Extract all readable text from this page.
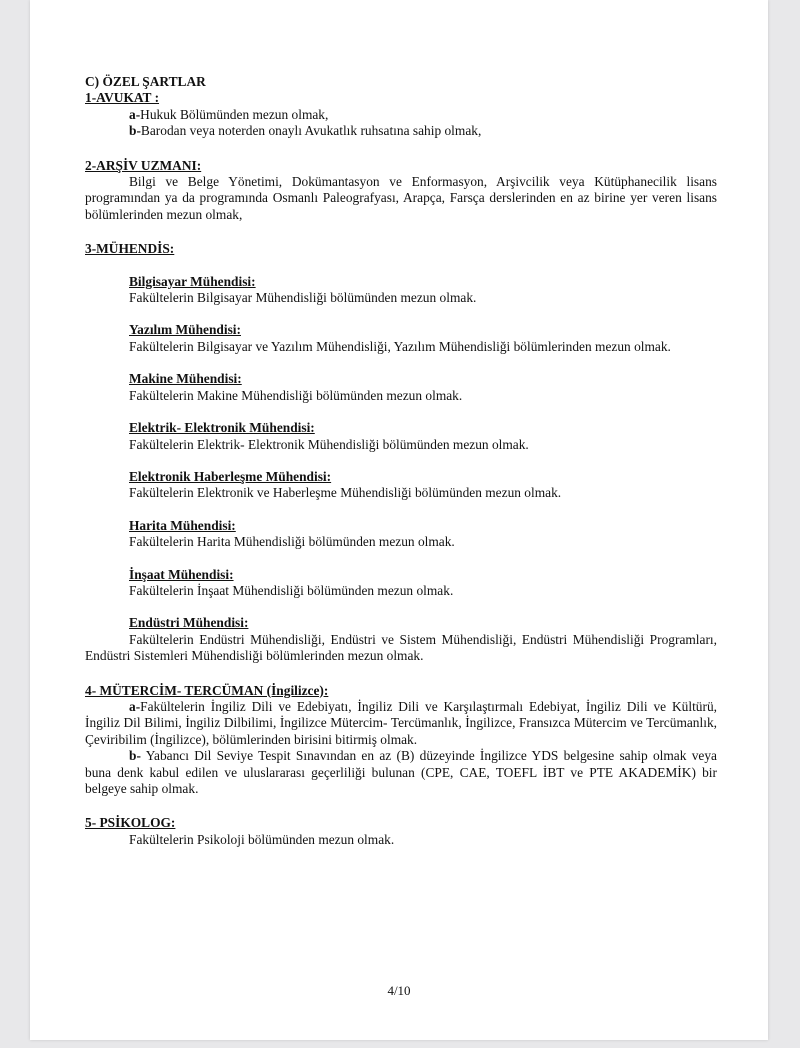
C) ÖZEL ŞARTLAR

1-AVUKAT :

a-Hukuk Bölümünden mezun olmak,

b-Barodan veya noterden onaylı Avukatlık ruhsatına sahip olmak,

2-ARŞİV UZMANI:

Bilgi ve Belge Yönetimi, Dokümantasyon ve Enformasyon, Arşivcilik veya Kütüphanecilik lisans programından ya da programında Osmanlı Paleografyası, Arapça, Farsça derslerinden en az birine yer veren lisans bölümlerinden mezun olmak,

3-MÜHENDİS:

Bilgisayar Mühendisi:

Fakültelerin Bilgisayar Mühendisliği bölümünden mezun olmak.

Yazılım Mühendisi:

Fakültelerin Bilgisayar ve Yazılım Mühendisliği, Yazılım Mühendisliği bölümlerinden mezun olmak.

Makine Mühendisi:

Fakültelerin Makine Mühendisliği bölümünden mezun olmak.

Elektrik- Elektronik Mühendisi:

Fakültelerin Elektrik- Elektronik Mühendisliği bölümünden mezun olmak.

Elektronik Haberleşme Mühendisi:

Fakültelerin Elektronik ve Haberleşme Mühendisliği bölümünden mezun olmak.

Harita Mühendisi:

Fakültelerin Harita Mühendisliği bölümünden mezun olmak.

İnşaat Mühendisi:

Fakültelerin İnşaat Mühendisliği bölümünden mezun olmak.

Endüstri Mühendisi:

Fakültelerin Endüstri Mühendisliği, Endüstri ve Sistem Mühendisliği, Endüstri Mühendisliği Programları, Endüstri Sistemleri Mühendisliği bölümlerinden mezun olmak.

4- MÜTERCİM- TERCÜMAN (İngilizce):

a-Fakültelerin İngiliz Dili ve Edebiyatı, İngiliz Dili ve Karşılaştırmalı Edebiyat, İngiliz Dili ve Kültürü, İngiliz Dil Bilimi, İngiliz Dilbilimi, İngilizce Mütercim- Tercümanlık, İngilizce, Fransızca Mütercim ve Tercümanlık, Çeviribilim (İngilizce), bölümlerinden birisini bitirmiş olmak.

b- Yabancı Dil Seviye Tespit Sınavından en az (B) düzeyinde İngilizce YDS belgesine sahip olmak veya buna denk kabul edilen ve uluslararası geçerliliği bulunan (CPE, CAE, TOEFL İBT ve PTE AKADEMİK) bir belgeye sahip olmak.

5- PSİKOLOG:

Fakültelerin Psikoloji bölümünden mezun olmak.

4/10
